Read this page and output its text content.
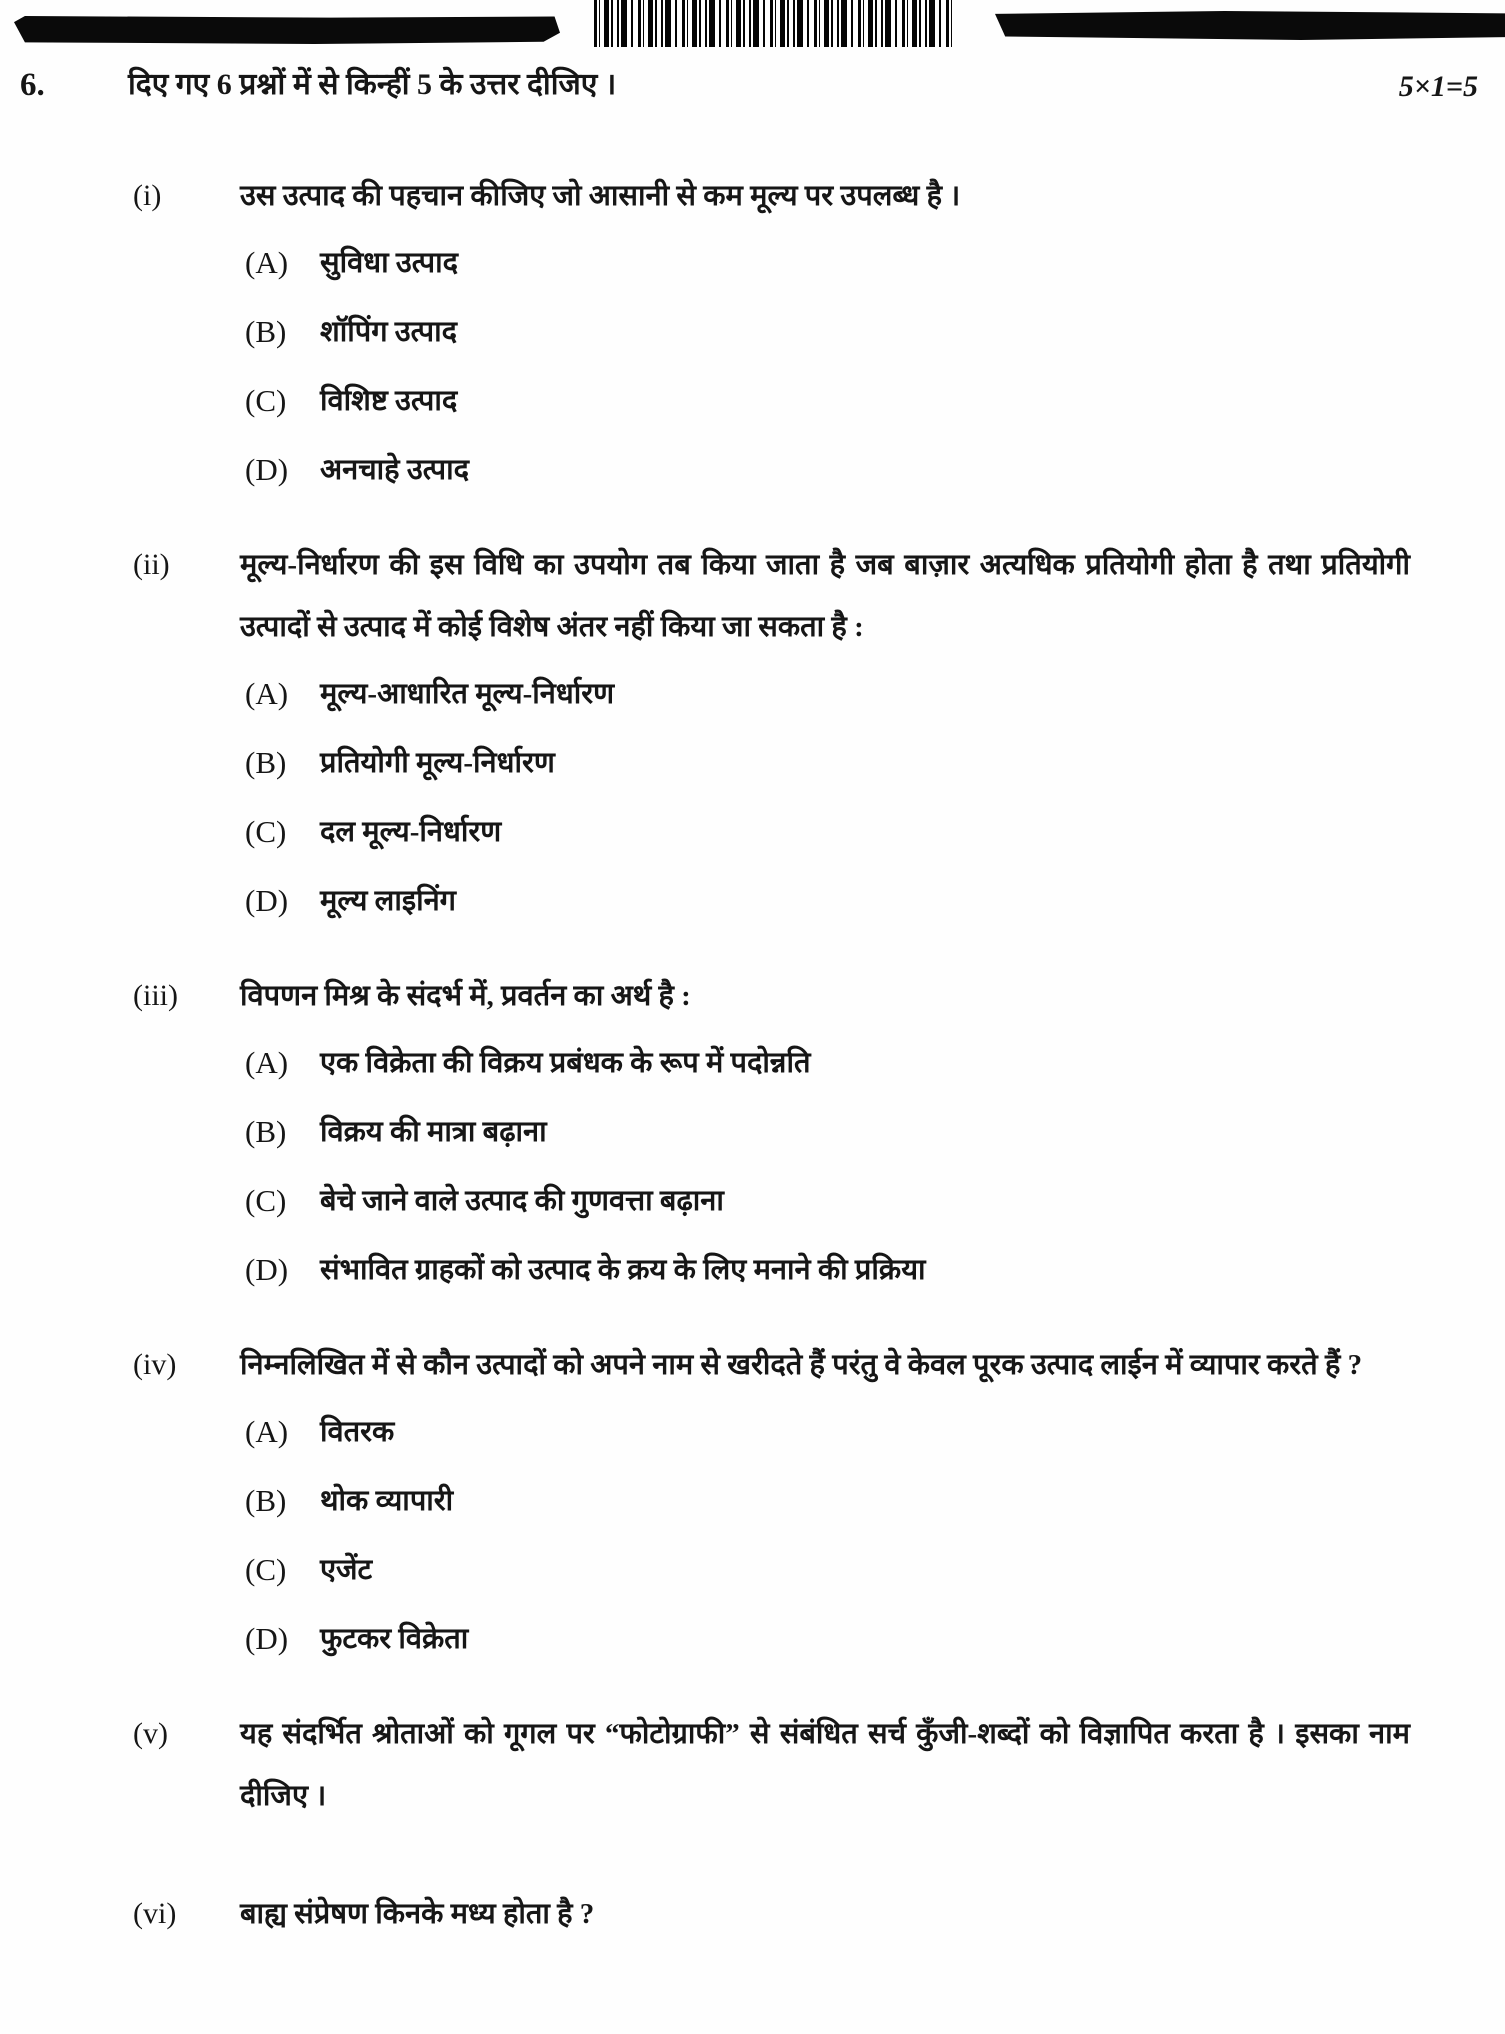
6.	दिए गए 6 प्रश्नों में से किन्हीं 5 के उत्तर दीजिए ।	5×1=5
(i)	उस उत्पाद की पहचान कीजिए जो आसानी से कम मूल्य पर उपलब्ध है ।
(A)	सुविधा उत्पाद
(B)	शॉपिंग उत्पाद
(C)	विशिष्ट उत्पाद
(D)	अनचाहे उत्पाद
(ii)	मूल्य-निर्धारण की इस विधि का उपयोग तब किया जाता है जब बाज़ार अत्यधिक प्रतियोगी होता है तथा प्रतियोगी उत्पादों से उत्पाद में कोई विशेष अंतर नहीं किया जा सकता है :
(A)	मूल्य-आधारित मूल्य-निर्धारण
(B)	प्रतियोगी मूल्य-निर्धारण
(C)	दल मूल्य-निर्धारण
(D)	मूल्य लाइनिंग
(iii)	विपणन मिश्र के संदर्भ में, प्रवर्तन का अर्थ है :
(A)	एक विक्रेता की विक्रय प्रबंधक के रूप में पदोन्नति
(B)	विक्रय की मात्रा बढ़ाना
(C)	बेचे जाने वाले उत्पाद की गुणवत्ता बढ़ाना
(D)	संभावित ग्राहकों को उत्पाद के क्रय के लिए मनाने की प्रक्रिया
(iv)	निम्नलिखित में से कौन उत्पादों को अपने नाम से खरीदते हैं परंतु वे केवल पूरक उत्पाद लाईन में व्यापार करते हैं ?
(A)	वितरक
(B)	थोक व्यापारी
(C)	एजेंट
(D)	फुटकर विक्रेता
(v)	यह संदर्भित श्रोताओं को गूगल पर “फोटोग्राफी” से संबंधित सर्च कुँजी-शब्दों को विज्ञापित करता है । इसका नाम दीजिए ।
(vi)	बाह्य संप्रेषण किनके मध्य होता है ?
